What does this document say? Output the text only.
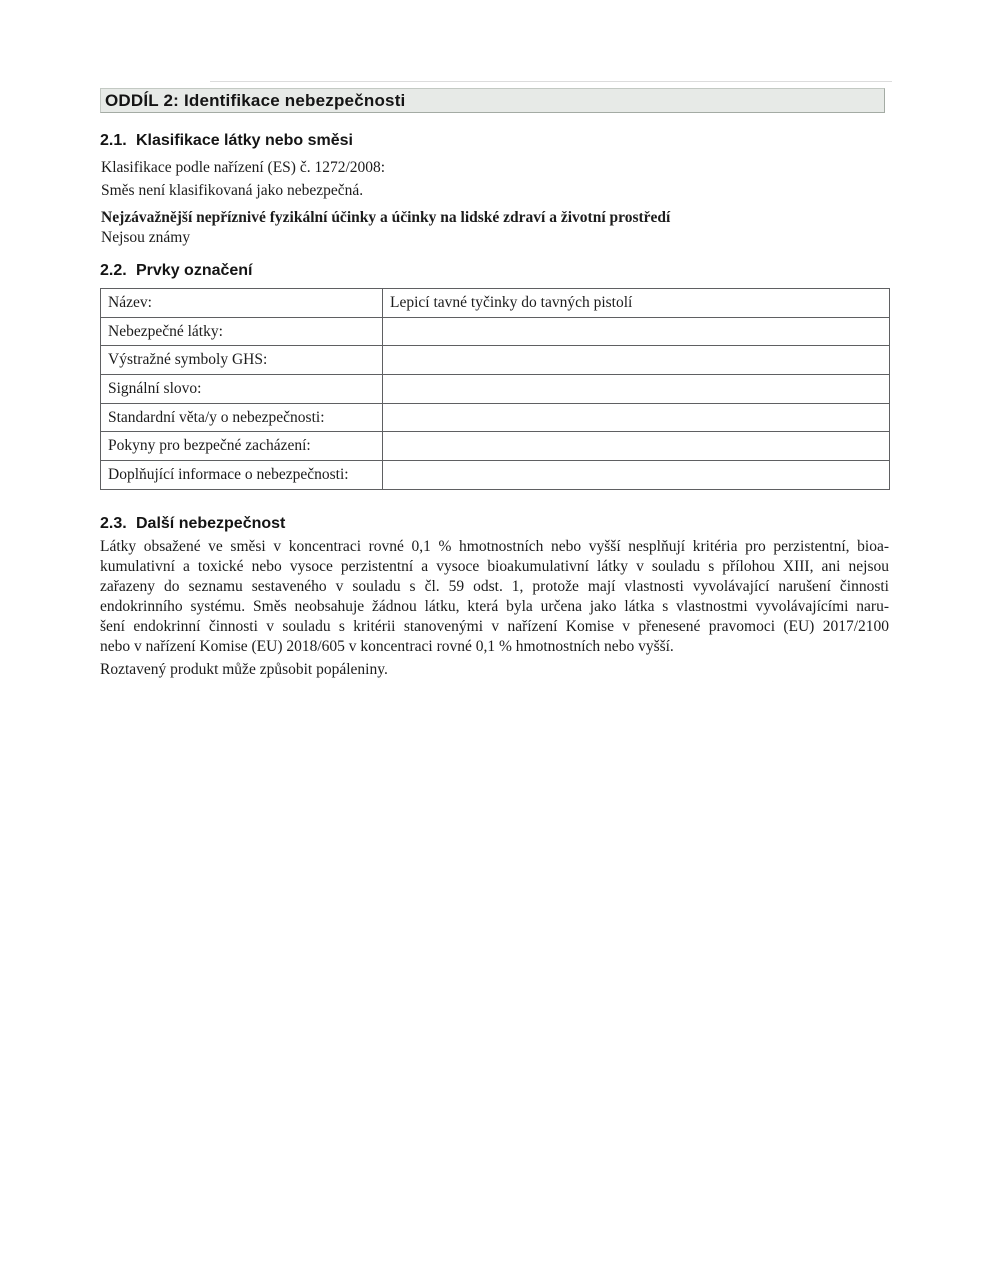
ODDÍL 2: Identifikace nebezpečnosti
2.1. Klasifikace látky nebo směsi
Klasifikace podle nařízení (ES) č. 1272/2008:
Směs není klasifikovaná jako nebezpečná.
Nejzávažnější nepříznivé fyzikální účinky a účinky na lidské zdraví a životní prostředí
Nejsou známy
2.2. Prvky označení
Název:	Lepicí tavné tyčinky do tavných pistolí
Nebezpečné látky:	
Výstražné symboly GHS:	
Signální slovo:	
Standardní věta/y o nebezpečnosti:	
Pokyny pro bezpečné zacházení:	
Doplňující informace o nebezpečnosti:	
2.3. Další nebezpečnost
Látky obsažené ve směsi v koncentraci rovné 0,1 % hmotnostních nebo vyšší nesplňují kritéria pro perzistentní, bioa-
kumulativní a toxické nebo vysoce perzistentní a vysoce bioakumulativní látky v souladu s přílohou XIII, ani nejsou
zařazeny do seznamu sestaveného v souladu s čl. 59 odst. 1, protože mají vlastnosti vyvolávající narušení činnosti
endokrinního systému. Směs neobsahuje žádnou látku, která byla určena jako látka s vlastnostmi vyvolávajícími naru-
šení endokrinní činnosti v souladu s kritérii stanovenými v nařízení Komise v přenesené pravomoci (EU) 2017/2100
nebo v nařízení Komise (EU) 2018/605 v koncentraci rovné 0,1 % hmotnostních nebo vyšší.
Roztavený produkt může způsobit popáleniny.
